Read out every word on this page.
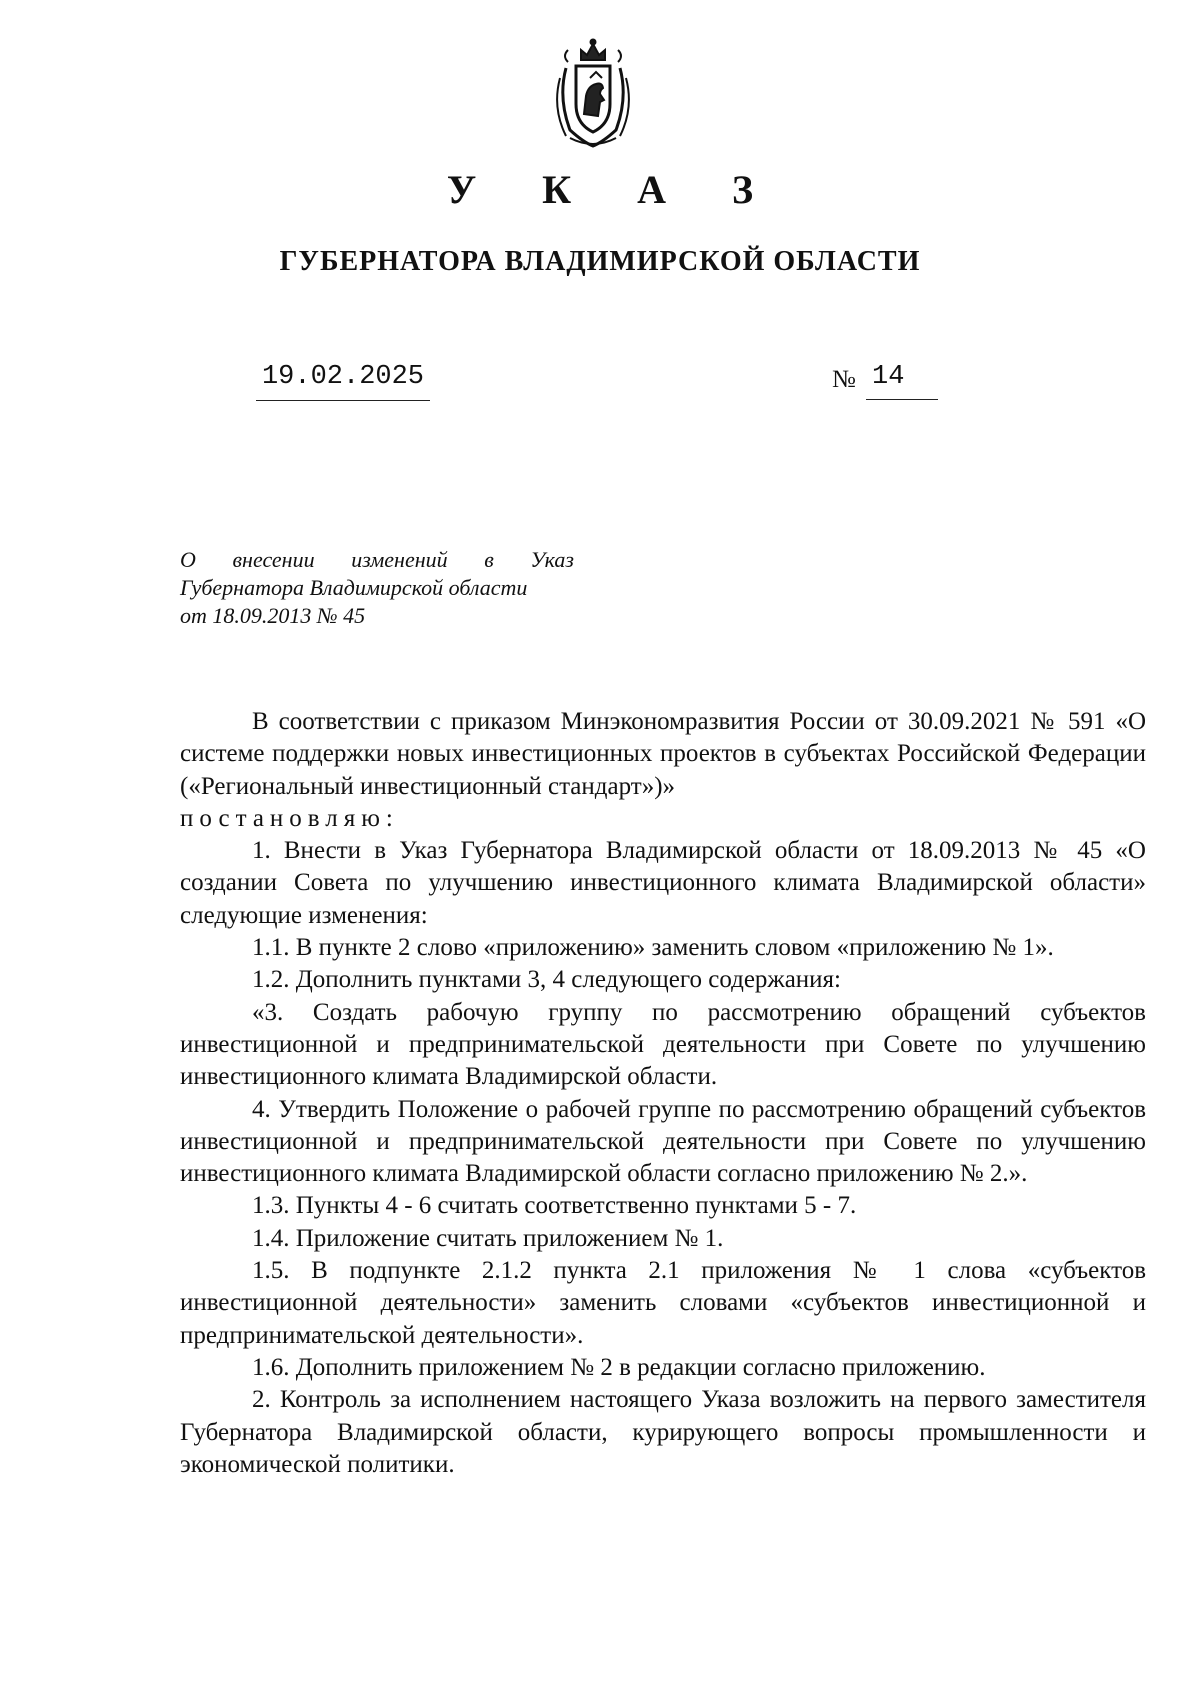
У К А З
ГУБЕРНАТОРА ВЛАДИМИРСКОЙ ОБЛАСТИ
19.02.2025	№ 14
О внесении изменений в Указ
Губернатора Владимирской области
от 18.09.2013 № 45

В соответствии с приказом Минэкономразвития России от 30.09.2021 № 591 «О системе поддержки новых инвестиционных проектов в субъектах Российской Федерации («Региональный инвестиционный стандарт»)»

постановляю:

1. Внести в Указ Губернатора Владимирской области от 18.09.2013 № 45 «О создании Совета по улучшению инвестиционного климата Владимирской области» следующие изменения:

1.1. В пункте 2 слово «приложению» заменить словом «приложению № 1».

1.2. Дополнить пунктами 3, 4 следующего содержания:

«3. Создать рабочую группу по рассмотрению обращений субъектов инвестиционной и предпринимательской деятельности при Совете по улучшению инвестиционного климата Владимирской области.

4. Утвердить Положение о рабочей группе по рассмотрению обращений субъектов инвестиционной и предпринимательской деятельности при Совете по улучшению инвестиционного климата Владимирской области согласно приложению № 2.».

1.3. Пункты 4 - 6 считать соответственно пунктами 5 - 7.

1.4. Приложение считать приложением № 1.

1.5. В подпункте 2.1.2 пункта 2.1 приложения № 1 слова «субъектов инвестиционной деятельности» заменить словами «субъектов инвестиционной и предпринимательской деятельности».

1.6. Дополнить приложением № 2 в редакции согласно приложению.

2. Контроль за исполнением настоящего Указа возложить на первого заместителя Губернатора Владимирской области, курирующего вопросы промышленности и экономической политики.
